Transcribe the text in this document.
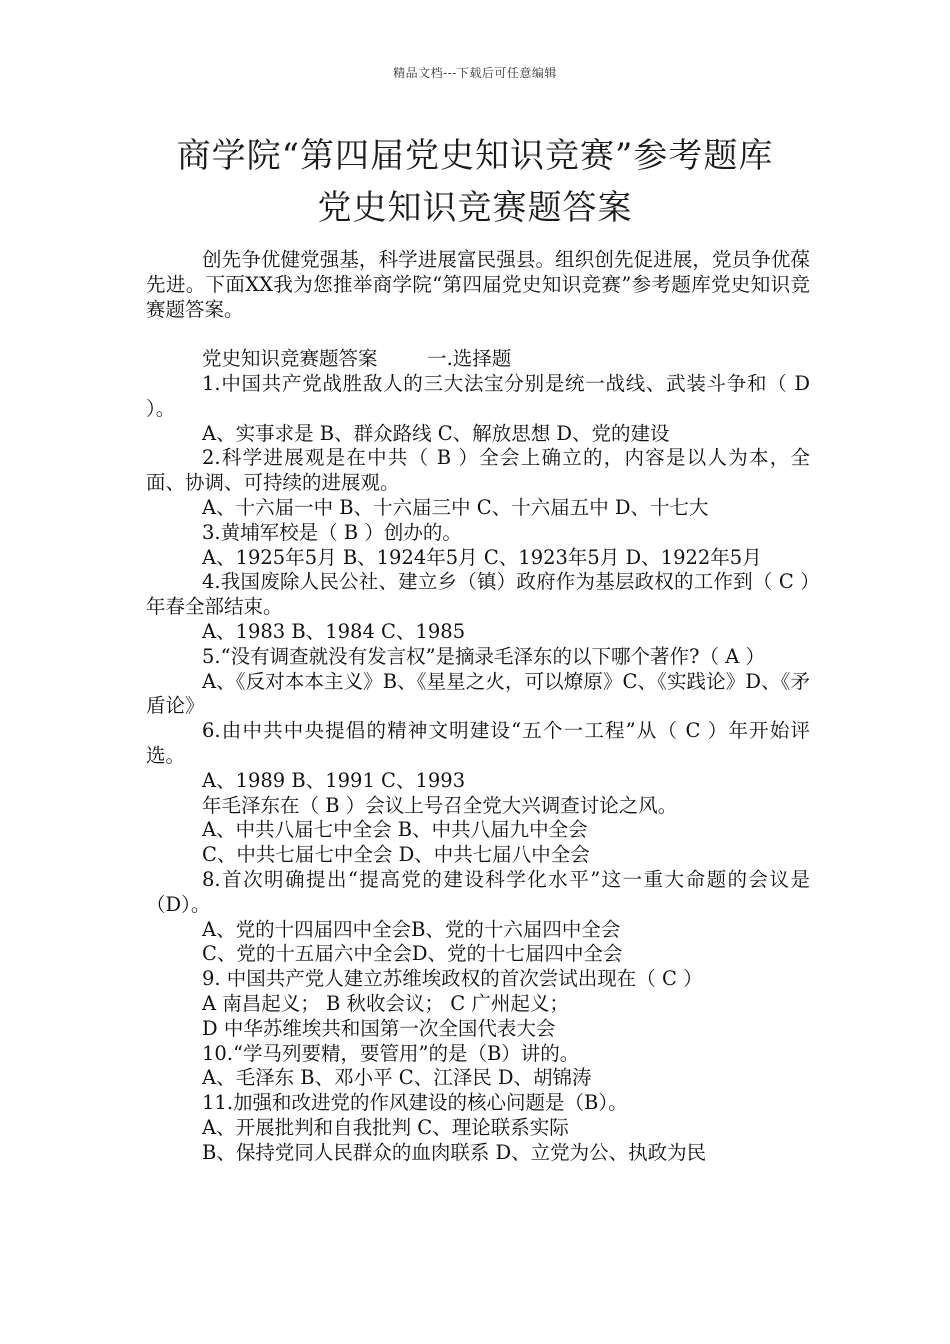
精品文档---下载后可任意编辑
商学院“第四届党史知识竞赛”参考题库
党史知识竞赛题答案

创先争优健党强基，科学进展富民强县。组织创先促进展，党员争优葆先进。下面XX我为您推举商学院“第四届党史知识竞赛”参考题库党史知识竞赛题答案。

党史知识竞赛题答案	一.选择题

1.中国共产党战胜敌人的三大法宝分别是统一战线、武装斗争和（ D ）。

A、实事求是 B、群众路线 C、解放思想 D、党的建设

2.科学进展观是在中共（ B ）全会上确立的，内容是以人为本，全面、协调、可持续的进展观。

A、十六届一中 B、十六届三中 C、十六届五中 D、十七大

3.黄埔军校是（ B ）创办的。

A、1925年5月 B、1924年5月 C、1923年5月 D、1922年5月

4.我国废除人民公社、建立乡（镇）政府作为基层政权的工作到（ C ）年春全部结束。

A、1983 B、1984 C、1985

5.“没有调查就没有发言权”是摘录毛泽东的以下哪个著作?（ A ）

A、《反对本本主义》B、《星星之火，可以燎原》C、《实践论》D、《矛盾论》

6.由中共中央提倡的精神文明建设“五个一工程”从（ C ）年开始评选。

A、1989 B、1991 C、1993

年毛泽东在（ B ）会议上号召全党大兴调查讨论之风。

A、中共八届七中全会 B、中共八届九中全会

C、中共七届七中全会 D、中共七届八中全会

8.首次明确提出“提高党的建设科学化水平”这一重大命题的会议是（D）。

A、党的十四届四中全会B、党的十六届四中全会

C、党的十五届六中全会D、党的十七届四中全会

9. 中国共产党人建立苏维埃政权的首次尝试出现在（ C ）

A 南昌起义； B 秋收会议； C 广州起义；

D 中华苏维埃共和国第一次全国代表大会

10.“学马列要精，要管用”的是（B）讲的。

A、毛泽东 B、邓小平 C、江泽民 D、胡锦涛

11.加强和改进党的作风建设的核心问题是（B）。

A、开展批判和自我批判 C、理论联系实际

B、保持党同人民群众的血肉联系 D、立党为公、执政为民
